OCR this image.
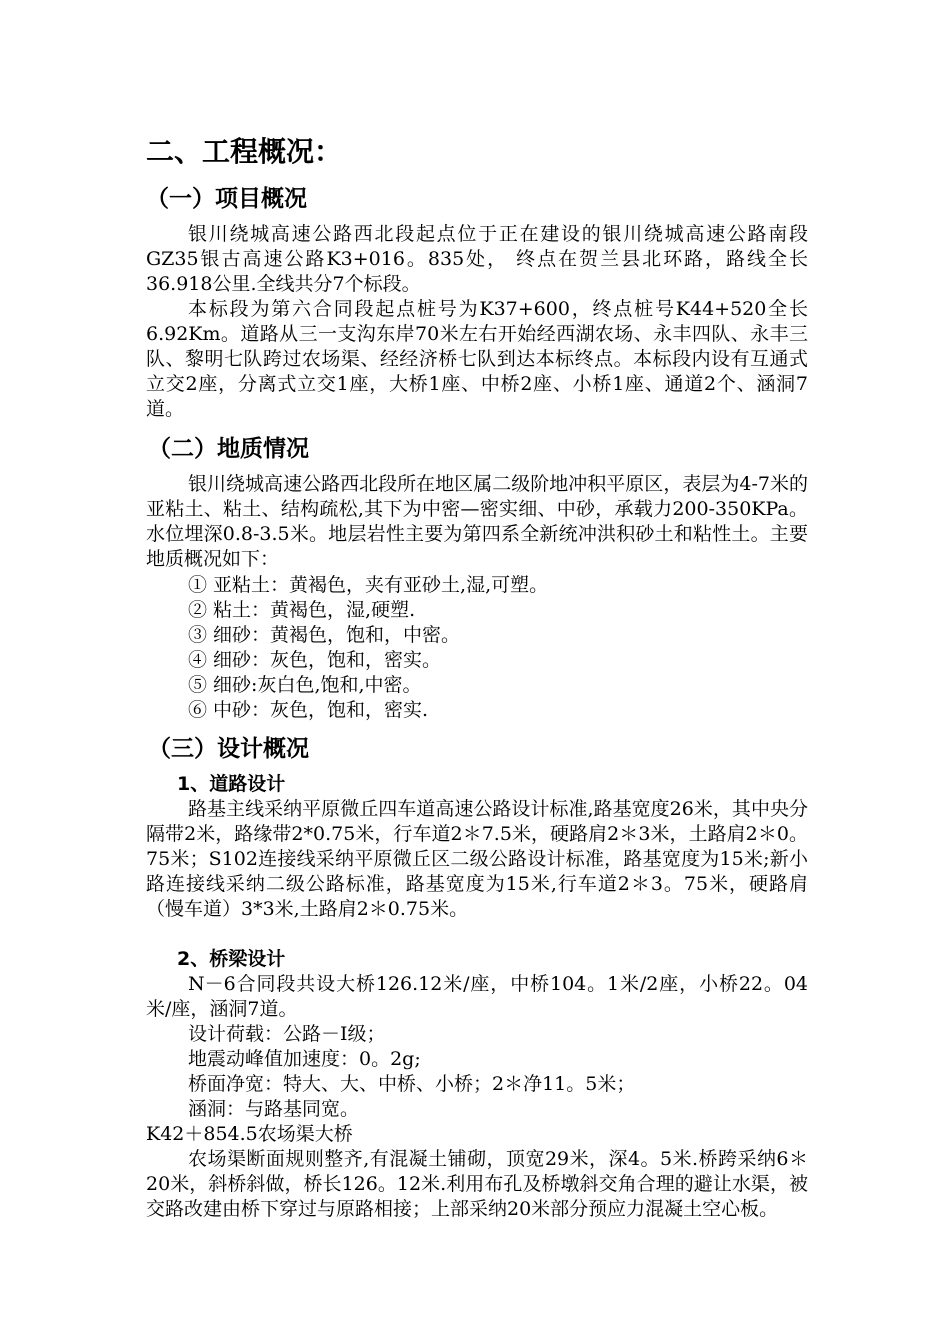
二、工程概况：
（一）项目概况
银川绕城高速公路西北段起点位于正在建设的银川绕城高速公路南段GZ35银古高速公路K3+016。835处， 终点在贺兰县北环路，路线全长36.918公里.全线共分7个标段。
本标段为第六合同段起点桩号为K37+600，终点桩号K44+520全长6.92Km。道路从三一支沟东岸70米左右开始经西湖农场、永丰四队、永丰三队、黎明七队跨过农场渠、经经济桥七队到达本标终点。本标段内设有互通式立交2座，分离式立交1座，大桥1座、中桥2座、小桥1座、通道2个、涵洞7道。
（二）地质情况
银川绕城高速公路西北段所在地区属二级阶地冲积平原区，表层为4-7米的亚粘土、粘土、结构疏松,其下为中密—密实细、中砂，承载力200-350KPa。水位埋深0.8-3.5米。地层岩性主要为第四系全新统冲洪积砂土和粘性土。主要地质概况如下：
① 亚粘土：黄褐色，夹有亚砂土,湿,可塑。
② 粘土：黄褐色，湿,硬塑.
③ 细砂：黄褐色，饱和，中密。
④ 细砂：灰色，饱和，密实。
⑤ 细砂:灰白色,饱和,中密。
⑥ 中砂：灰色，饱和，密实.
（三）设计概况
1、道路设计
路基主线采纳平原微丘四车道高速公路设计标准,路基宽度26米，其中央分隔带2米，路缘带2*0.75米，行车道2＊7.5米，硬路肩2＊3米，土路肩2＊0。75米；S102连接线采纳平原微丘区二级公路设计标准，路基宽度为15米;新小路连接线采纳二级公路标准，路基宽度为15米,行车道2＊3。75米，硬路肩（慢车道）3*3米,土路肩2＊0.75米。
2、桥梁设计
N－6合同段共设大桥126.12米/座，中桥104。1米/2座，小桥22。04米/座，涵洞7道。
设计荷载：公路－Ⅰ级；
地震动峰值加速度：0。2g;
桥面净宽：特大、大、中桥、小桥；2＊净11。5米；
涵洞：与路基同宽。
K42＋854.5农场渠大桥
农场渠断面规则整齐,有混凝土铺砌，顶宽29米，深4。5米.桥跨采纳6＊20米，斜桥斜做，桥长126。12米.利用布孔及桥墩斜交角合理的避让水渠，被交路改建由桥下穿过与原路相接；上部采纳20米部分预应力混凝土空心板。
